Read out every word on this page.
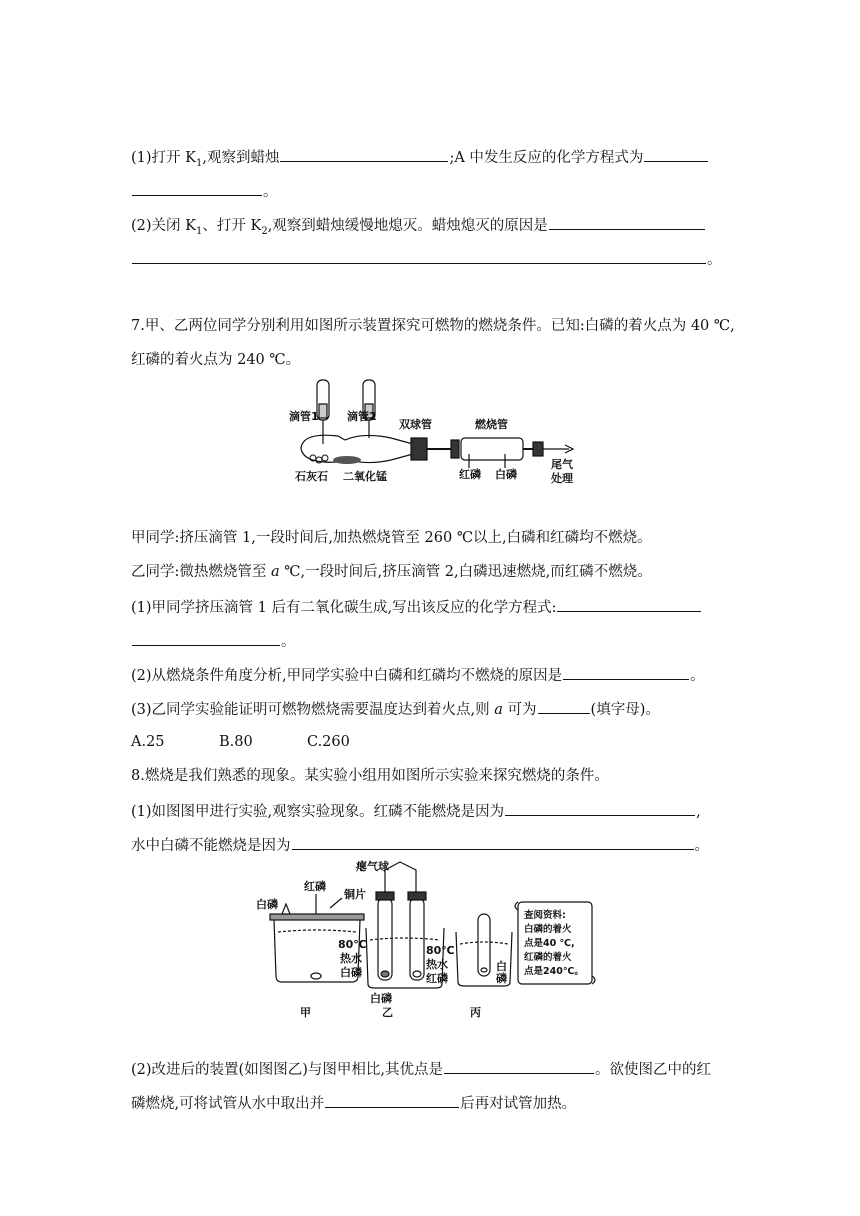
(1)打开 $K_1$,观察到蜡烛	;A 中发生反应的化学方程式为
。
(2)关闭 $K_1$、打开 $K_2$,观察到蜡烛缓慢地熄灭。蜡烛熄灭的原因是
。
7.甲、乙两位同学分别利用如图所示装置探究可燃物的燃烧条件。已知:白磷的着火点为 40 ℃,
红磷的着火点为 240 ℃。
滴管1	滴管2
双球管	燃烧管
石灰石 二氧化锰	红磷 白磷
尾气
处理
甲同学:挤压滴管 1,一段时间后,加热燃烧管至 260 ℃以上,白磷和红磷均不燃烧。
乙同学:微热燃烧管至 a ℃,一段时间后,挤压滴管 2,白磷迅速燃烧,而红磷不燃烧。
(1)甲同学挤压滴管 1 后有二氧化碳生成,写出该反应的化学方程式:
。
(2)从燃烧条件角度分析,甲同学实验中白磷和红磷均不燃烧的原因是	。
(3)乙同学实验能证明可燃物燃烧需要温度达到着火点,则 a 可为	(填字母)。
A.25	B.80	C.260
8.燃烧是我们熟悉的现象。某实验小组用如图所示实验来探究燃烧的条件。
(1)如图图甲进行实验,观察实验现象。红磷不能燃烧是因为	,
水中白磷不能燃烧是因为	。
瘪气球
白磷
红磷
铜片
80℃
热水
白磷
80℃
热水
红磷
白磷
白
磷
甲	乙	丙
查阅资料:
白磷的着火
点是40 ℃,
红磷的着火
点是240℃。
(2)改进后的装置(如图图乙)与图甲相比,其优点是	。欲使图乙中的红
磷燃烧,可将试管从水中取出并	后再对试管加热。
